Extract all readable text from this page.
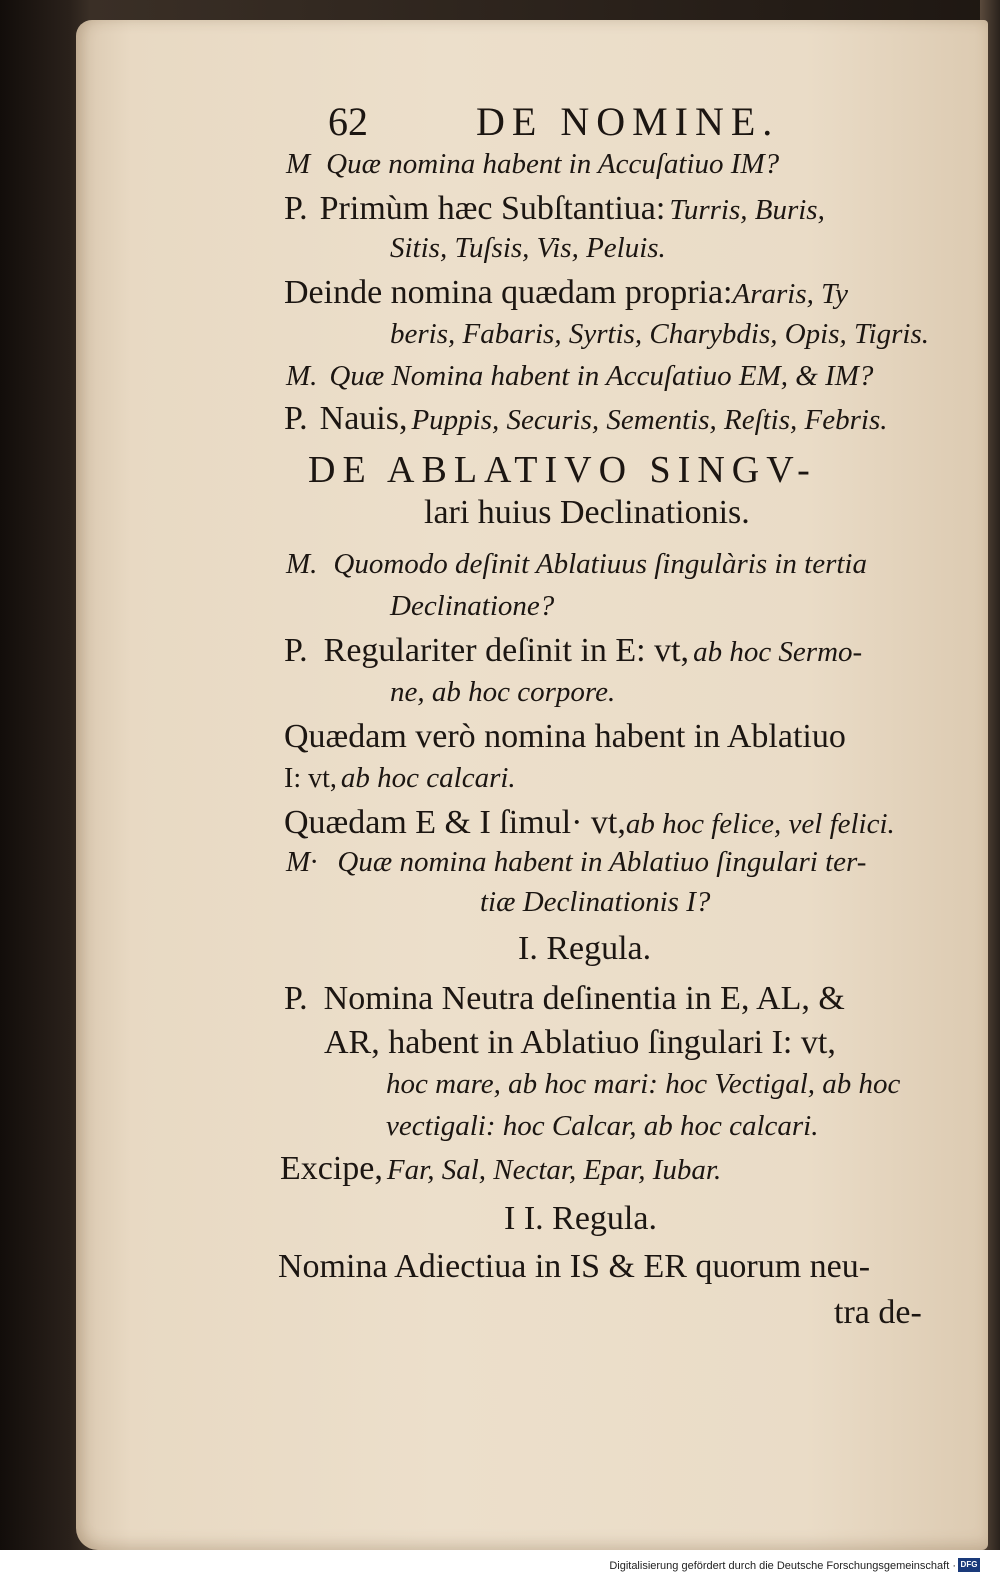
62	DE NOMINE.
M Quæ nomina habent in Accuſatiuo IM?
P. Primùm hæc Subſtantiua: Turris, Buris,
Sitis, Tuſsis, Vis, Peluis.
Deinde nomina quædam propria:Araris, Ty
beris, Fabaris, Syrtis, Charybdis, Opis, Tigris.
M. Quæ Nomina habent in Accuſatiuo EM, & IM?
P. Nauis, Puppis, Securis, Sementis, Reſtis, Febris.
DE ABLATIVO SINGV-
lari huius Declinationis.
M. Quomodo deſinit Ablatiuus ſingulàris in tertia
Declinatione?
P. Regulariter deſinit in E: vt, ab hoc Sermo-
ne, ab hoc corpore.
Quædam verò nomina habent in Ablatiuo
I: vt, ab hoc calcari.
Quædam E & I ſimul· vt,ab hoc felice, vel felici.
M· Quæ nomina habent in Ablatiuo ſingulari ter-
tiæ Declinationis I?
I. Regula.
P. Nomina Neutra deſinentia in E, AL, &
AR, habent in Ablatiuo ſingulari I: vt,
hoc mare, ab hoc mari: hoc Vectigal, ab hoc
vectigali: hoc Calcar, ab hoc calcari.
Excipe, Far, Sal, Nectar, Epar, Iubar.
I I. Regula.
Nomina Adiectiua in IS & ER quorum neu-
tra de-
Digitalisierung gefördert durch die Deutsche Forschungsgemeinschaft · DFG
